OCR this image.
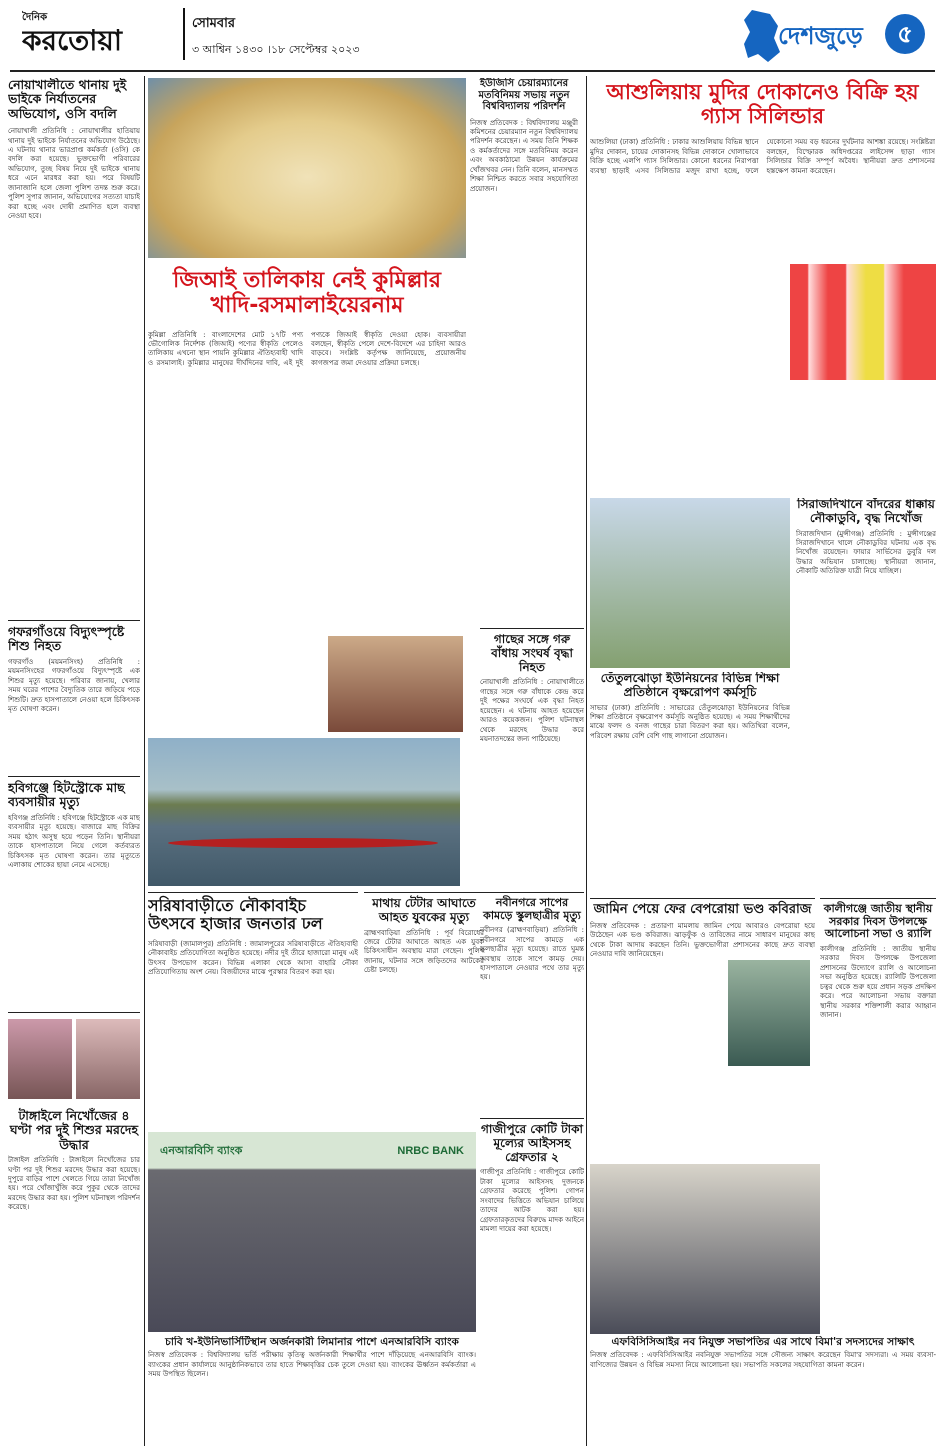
দৈনিক
করতোয়া
সোমবার
৩ আশ্বিন ১৪৩০ ।১৮ সেপ্টেম্বর ২০২৩	দেশজুড়ে	৫
নোয়াখালীতে থানায় দুই ভাইকে নির্যাতনের অভিযোগ, ওসি বদলি
নোয়াখালী প্রতিনিধি : নোয়াখালীর হাতিয়ায় থানায় দুই ভাইকে নির্যাতনের অভিযোগ উঠেছে। এ ঘটনায় থানার ভারপ্রাপ্ত কর্মকর্তা (ওসি) কে বদলি করা হয়েছে। ভুক্তভোগী পরিবারের অভিযোগ, তুচ্ছ বিষয় নিয়ে দুই ভাইকে থানায় ধরে এনে মারধর করা হয়। পরে বিষয়টি জানাজানি হলে জেলা পুলিশ তদন্ত শুরু করে। পুলিশ সুপার জানান, অভিযোগের সত্যতা যাচাই করা হচ্ছে এবং দোষী প্রমাণিত হলে ব্যবস্থা নেওয়া হবে।
গফরগাঁওয়ে বিদ্যুৎস্পৃষ্টে শিশু নিহত
গফরগাঁও (ময়মনসিংহ) প্রতিনিধি : ময়মনসিংহের গফরগাঁওয়ে বিদ্যুৎস্পৃষ্টে এক শিশুর মৃত্যু হয়েছে। পরিবার জানায়, খেলার সময় ঘরের পাশের বৈদ্যুতিক তারে জড়িয়ে পড়ে শিশুটি। দ্রুত হাসপাতালে নেওয়া হলে চিকিৎসক মৃত ঘোষণা করেন।
হবিগঞ্জে হিটস্ট্রোকে মাছ ব্যবসায়ীর মৃত্যু
হবিগঞ্জ প্রতিনিধি : হবিগঞ্জে হিটস্ট্রোকে এক মাছ ব্যবসায়ীর মৃত্যু হয়েছে। বাজারে মাছ বিক্রির সময় হঠাৎ অসুস্থ হয়ে পড়েন তিনি। স্থানীয়রা তাকে হাসপাতালে নিয়ে গেলে কর্তব্যরত চিকিৎসক মৃত ঘোষণা করেন। তার মৃত্যুতে এলাকায় শোকের ছায়া নেমে এসেছে।
টাঙ্গাইলে নিখোঁজের ৪ ঘণ্টা পর দুই শিশুর মরদেহ উদ্ধার
টাঙ্গাইল প্রতিনিধি : টাঙ্গাইলে নিখোঁজের চার ঘণ্টা পর দুই শিশুর মরদেহ উদ্ধার করা হয়েছে। দুপুরে বাড়ির পাশে খেলতে গিয়ে তারা নিখোঁজ হয়। পরে খোঁজাখুঁজি করে পুকুর থেকে তাদের মরদেহ উদ্ধার করা হয়। পুলিশ ঘটনাস্থল পরিদর্শন করেছে।
জিআই তালিকায় নেই কুমিল্লার খাদি-রসমালাইয়েরনাম
কুমিল্লা প্রতিনিধি : বাংলাদেশের মোট ১৭টি পণ্য ভৌগোলিক নির্দেশক (জিআই) পণ্যের স্বীকৃতি পেলেও তালিকায় এখনো স্থান পায়নি কুমিল্লার ঐতিহ্যবাহী খাদি ও রসমালাই। কুমিল্লার মানুষের দীর্ঘদিনের দাবি, এই দুই পণ্যকে জিআই স্বীকৃতি দেওয়া হোক। ব্যবসায়ীরা বলছেন, স্বীকৃতি পেলে দেশে-বিদেশে এর চাহিদা আরও বাড়বে। সংশ্লিষ্ট কর্তৃপক্ষ জানিয়েছে, প্রয়োজনীয় কাগজপত্র জমা দেওয়ার প্রক্রিয়া চলছে।
ইউজিসি চেয়ারম্যানের মতবিনিময় সভায় নতুন বিশ্ববিদ্যালয় পরিদর্শন
নিজস্ব প্রতিবেদক : বিশ্ববিদ্যালয় মঞ্জুরী কমিশনের চেয়ারম্যান নতুন বিশ্ববিদ্যালয় পরিদর্শন করেছেন। এ সময় তিনি শিক্ষক ও কর্মকর্তাদের সঙ্গে মতবিনিময় করেন এবং অবকাঠামো উন্নয়ন কার্যক্রমের খোঁজখবর নেন। তিনি বলেন, মানসম্মত শিক্ষা নিশ্চিত করতে সবার সহযোগিতা প্রয়োজন।
সরিষাবাড়ীতে নৌকাবাইচ উৎসবে হাজার জনতার ঢল
সরিষাবাড়ী (জামালপুর) প্রতিনিধি : জামালপুরের সরিষাবাড়ীতে ঐতিহ্যবাহী নৌকাবাইচ প্রতিযোগিতা অনুষ্ঠিত হয়েছে। নদীর দুই তীরে হাজারো মানুষ এই উৎসব উপভোগ করেন। বিভিন্ন এলাকা থেকে আসা বাহারি নৌকা প্রতিযোগিতায় অংশ নেয়। বিজয়ীদের মাঝে পুরস্কার বিতরণ করা হয়।
মাথায় টেটার আঘাতে আহত যুবকের মৃত্যু
ব্রাহ্মণবাড়িয়া প্রতিনিধি : পূর্ব বিরোধের জেরে টেটার আঘাতে আহত এক যুবক চিকিৎসাধীন অবস্থায় মারা গেছেন। পুলিশ জানায়, ঘটনার সঙ্গে জড়িতদের আটকের চেষ্টা চলছে।
গাছের সঙ্গে গরু বাঁধায় সংঘর্ষ বৃদ্ধা নিহত
নোয়াখালী প্রতিনিধি : নোয়াখালীতে গাছের সঙ্গে গরু বাঁধাকে কেন্দ্র করে দুই পক্ষের সংঘর্ষে এক বৃদ্ধা নিহত হয়েছেন। এ ঘটনায় আহত হয়েছেন আরও কয়েকজন। পুলিশ ঘটনাস্থল থেকে মরদেহ উদ্ধার করে ময়নাতদন্তের জন্য পাঠিয়েছে।
নবীনগরে সাপের কামড়ে স্কুলছাত্রীর মৃত্যু
নবীনগর (ব্রাহ্মণবাড়িয়া) প্রতিনিধি : নবীনগরে সাপের কামড়ে এক স্কুলছাত্রীর মৃত্যু হয়েছে। রাতে ঘুমন্ত অবস্থায় তাকে সাপে কামড় দেয়। হাসপাতালে নেওয়ার পথে তার মৃত্যু হয়।
গাজীপুরে কোটি টাকা মূল্যের আইসসহ গ্রেফতার ২
গাজীপুর প্রতিনিধি : গাজীপুরে কোটি টাকা মূল্যের আইসসহ দুজনকে গ্রেফতার করেছে পুলিশ। গোপন সংবাদের ভিত্তিতে অভিযান চালিয়ে তাদের আটক করা হয়। গ্রেফতারকৃতদের বিরুদ্ধে মাদক আইনে মামলা দায়ের করা হয়েছে।
এনআরবিসি ব্যাংক	NRBC BANK
চাবি খ-ইউনিভার্সিটিস্থান অর্জনকারী লিমানার পাশে এনআরবিসি ব্যাংক
নিজস্ব প্রতিবেদক : বিশ্ববিদ্যালয় ভর্তি পরীক্ষায় কৃতিত্ব অর্জনকারী শিক্ষার্থীর পাশে দাঁড়িয়েছে এনআরবিসি ব্যাংক। ব্যাংকের প্রধান কার্যালয়ে আনুষ্ঠানিকভাবে তার হাতে শিক্ষাবৃত্তির চেক তুলে দেওয়া হয়। ব্যাংকের ঊর্ধ্বতন কর্মকর্তারা এ সময় উপস্থিত ছিলেন।
আশুলিয়ায় মুদির দোকানেও বিক্রি হয় গ্যাস সিলিন্ডার
আশুলিয়া (ঢাকা) প্রতিনিধি : ঢাকার আশুলিয়ায় বিভিন্ন স্থানে মুদির দোকান, চায়ের দোকানসহ বিভিন্ন দোকানে খোলাভাবে বিক্রি হচ্ছে এলপি গ্যাস সিলিন্ডার। কোনো ধরনের নিরাপত্তা ব্যবস্থা ছাড়াই এসব সিলিন্ডার মজুদ রাখা হচ্ছে, ফলে যেকোনো সময় বড় ধরনের দুর্ঘটনার আশঙ্কা রয়েছে। সংশ্লিষ্টরা বলছেন, বিস্ফোরক অধিদপ্তরের লাইসেন্স ছাড়া গ্যাস সিলিন্ডার বিক্রি সম্পূর্ণ অবৈধ। স্থানীয়রা দ্রুত প্রশাসনের হস্তক্ষেপ কামনা করেছেন।
তেঁতুলঝোড়া ইউনিয়নের বিভিন্ন শিক্ষা প্রতিষ্ঠানে বৃক্ষরোপণ কর্মসূচি
সাভার (ঢাকা) প্রতিনিধি : সাভারের তেঁতুলঝোড়া ইউনিয়নের বিভিন্ন শিক্ষা প্রতিষ্ঠানে বৃক্ষরোপণ কর্মসূচি অনুষ্ঠিত হয়েছে। এ সময় শিক্ষার্থীদের মাঝে ফলদ ও বনজ গাছের চারা বিতরণ করা হয়। অতিথিরা বলেন, পরিবেশ রক্ষায় বেশি বেশি গাছ লাগানো প্রয়োজন।
সিরাজদিখানে বাঁদরের ধাক্কায় নৌকাডুবি, বৃদ্ধ নিখোঁজ
সিরাজদিখান (মুন্সীগঞ্জ) প্রতিনিধি : মুন্সীগঞ্জের সিরাজদিখানে খালে নৌকাডুবির ঘটনায় এক বৃদ্ধ নিখোঁজ রয়েছেন। ফায়ার সার্ভিসের ডুবুরি দল উদ্ধার অভিযান চালাচ্ছে। স্থানীয়রা জানান, নৌকাটি অতিরিক্ত যাত্রী নিয়ে যাচ্ছিল।
জামিন পেয়ে ফের বেপরোয়া ভণ্ড কবিরাজ
নিজস্ব প্রতিবেদক : প্রতারণা মামলায় জামিন পেয়ে আবারও বেপরোয়া হয়ে উঠেছেন এক ভণ্ড কবিরাজ। ঝাড়ফুঁক ও তাবিজের নামে সাধারণ মানুষের কাছ থেকে টাকা আদায় করছেন তিনি। ভুক্তভোগীরা প্রশাসনের কাছে দ্রুত ব্যবস্থা নেওয়ার দাবি জানিয়েছেন।
কালীগঞ্জে জাতীয় স্থানীয় সরকার দিবস উপলক্ষে আলোচনা সভা ও র‍্যালি
কালীগঞ্জ প্রতিনিধি : জাতীয় স্থানীয় সরকার দিবস উপলক্ষে উপজেলা প্রশাসনের উদ্যোগে র‍্যালি ও আলোচনা সভা অনুষ্ঠিত হয়েছে। র‍্যালিটি উপজেলা চত্বর থেকে শুরু হয়ে প্রধান সড়ক প্রদক্ষিণ করে। পরে আলোচনা সভায় বক্তারা স্থানীয় সরকার শক্তিশালী করার আহ্বান জানান।
এফবিসিসিআইর নব নিযুক্ত সভাপতির এর সাথে বিমা'র সদস্যদের সাক্ষাৎ
নিজস্ব প্রতিবেদক : এফবিসিসিআইর নবনিযুক্ত সভাপতির সঙ্গে সৌজন্য সাক্ষাৎ করেছেন বিমা'র সদস্যরা। এ সময় ব্যবসা-বাণিজ্যের উন্নয়ন ও বিভিন্ন সমস্যা নিয়ে আলোচনা হয়। সভাপতি সকলের সহযোগিতা কামনা করেন।
